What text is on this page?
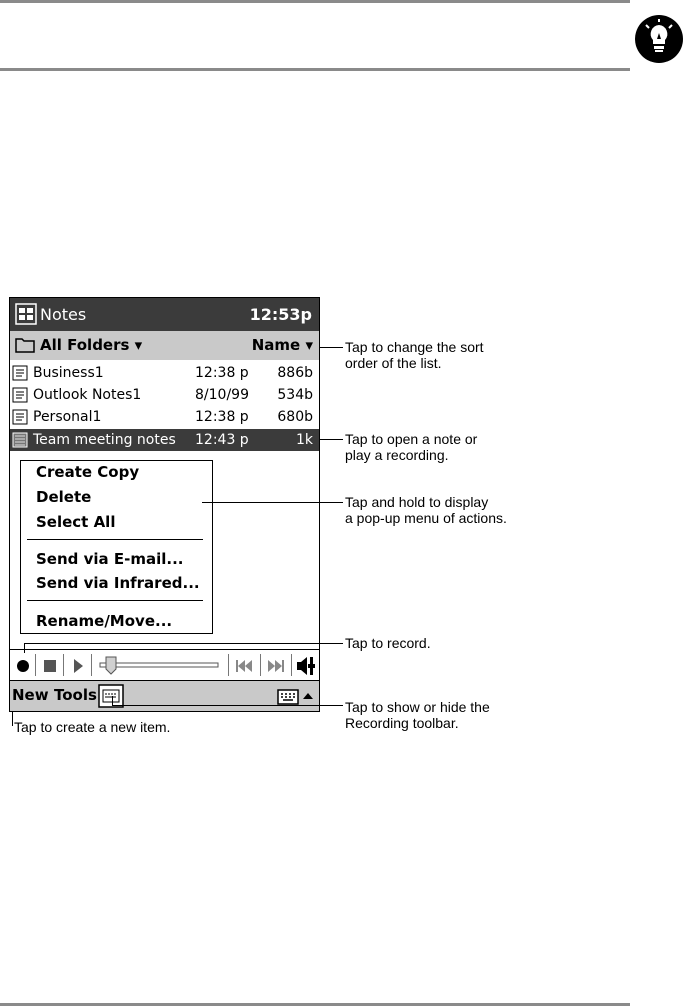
Notes	12:53p
All Folders ▾	Name ▾
Business1	12:38 p 886b
Outlook Notes1	8/10/99 534b
Personal1	12:38 p 680b
Team meeting notes 12:43 p	1k
Create Copy
Delete
Select All
Send via E-mail...
Send via Infrared...
Rename/Move...
New Tools
Tap to change the sort
order of the list.
Tap to open a note or
play a recording.
Tap and hold to display
a pop-up menu of actions.
Tap to record.
Tap to show or hide the
Recording toolbar.
Tap to create a new item.
